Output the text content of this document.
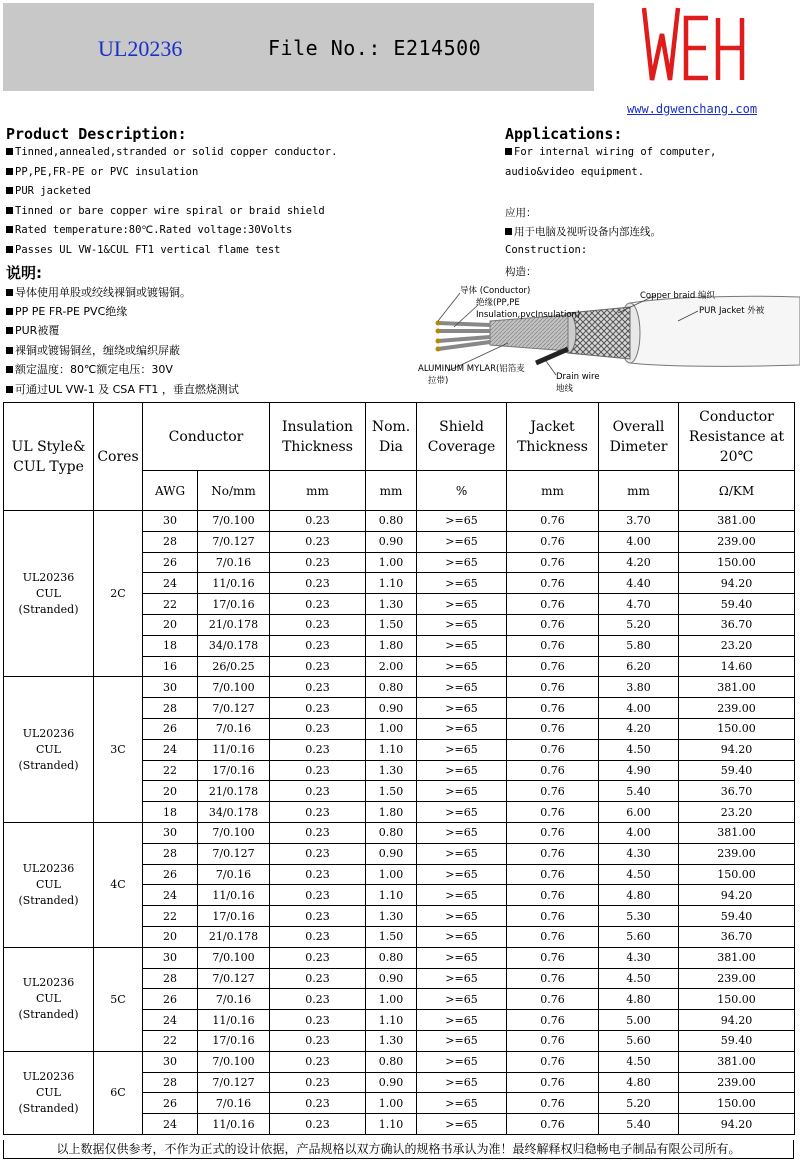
UL20236	File No.: E214500
WCH
www.dgwenchang.com
Product Description:
Tinned,annealed,stranded or solid copper conductor.
PP,PE,FR-PE or PVC insulation
PUR jacketed
Tinned or bare copper wire spiral or braid shield
Rated temperature:80℃.Rated voltage:30Volts
Passes UL VW-1&CUL FT1 vertical flame test
说明:
导体使用单股或绞线裸铜或镀锡铜。
PP PE FR-PE PVC绝缘
PUR被覆
裸铜或镀锡铜丝，缠绕或编织屏蔽
额定温度：80℃额定电压：30V
可通过UL VW-1 及 CSA FT1 ，垂直燃烧测试
Applications:
For internal wiring of computer,
audio&video equipment.
应用：
用于电脑及视听设备内部连线。
Construction:
构造：
导体 (Conductor)
绝缘(PP,PE
Insulation,pvcInsulation)
Copper braid 编织
PUR Jacket 外被
ALUMINUM MYLAR(铝箔麦
拉带)	Drain wire
地线
UL Style& CUL Type	Cores	Conductor		Insulation Thickness	Nom. Dia	Shield Coverage	Jacket Thickness	Overall Dimeter	Conductor Resistance at 20℃
		AWG	No/mm	mm	mm	%	mm	mm	Ω/KM

UL20236
CUL
(Stranded)	2C	30	7/0.100	0.23	0.80	>=65	0.76	3.70	381.00
		28	7/0.127	0.23	0.90	>=65	0.76	4.00	239.00
		26	7/0.16	0.23	1.00	>=65	0.76	4.20	150.00
		24	11/0.16	0.23	1.10	>=65	0.76	4.40	94.20
		22	17/0.16	0.23	1.30	>=65	0.76	4.70	59.40
		20	21/0.178	0.23	1.50	>=65	0.76	5.20	36.70
		18	34/0.178	0.23	1.80	>=65	0.76	5.80	23.20
		16	26/0.25	0.23	2.00	>=65	0.76	6.20	14.60

UL20236
CUL
(Stranded)	3C	30	7/0.100	0.23	0.80	>=65	0.76	3.80	381.00
		28	7/0.127	0.23	0.90	>=65	0.76	4.00	239.00
		26	7/0.16	0.23	1.00	>=65	0.76	4.20	150.00
		24	11/0.16	0.23	1.10	>=65	0.76	4.50	94.20
		22	17/0.16	0.23	1.30	>=65	0.76	4.90	59.40
		20	21/0.178	0.23	1.50	>=65	0.76	5.40	36.70
		18	34/0.178	0.23	1.80	>=65	0.76	6.00	23.20

UL20236
CUL
(Stranded)	4C	30	7/0.100	0.23	0.80	>=65	0.76	4.00	381.00
		28	7/0.127	0.23	0.90	>=65	0.76	4.30	239.00
		26	7/0.16	0.23	1.00	>=65	0.76	4.50	150.00
		24	11/0.16	0.23	1.10	>=65	0.76	4.80	94.20
		22	17/0.16	0.23	1.30	>=65	0.76	5.30	59.40
		20	21/0.178	0.23	1.50	>=65	0.76	5.60	36.70

UL20236
CUL
(Stranded)	5C	30	7/0.100	0.23	0.80	>=65	0.76	4.30	381.00
		28	7/0.127	0.23	0.90	>=65	0.76	4.50	239.00
		26	7/0.16	0.23	1.00	>=65	0.76	4.80	150.00
		24	11/0.16	0.23	1.10	>=65	0.76	5.00	94.20
		22	17/0.16	0.23	1.30	>=65	0.76	5.60	59.40

UL20236
CUL
(Stranded)	6C	30	7/0.100	0.23	0.80	>=65	0.76	4.50	381.00
		28	7/0.127	0.23	0.90	>=65	0.76	4.80	239.00
		26	7/0.16	0.23	1.00	>=65	0.76	5.20	150.00
		24	11/0.16	0.23	1.10	>=65	0.76	5.40	94.20
以上数据仅供参考，不作为正式的设计依据，产品规格以双方确认的规格书承认为准！最终解释权归稳畅电子制品有限公司所有。
